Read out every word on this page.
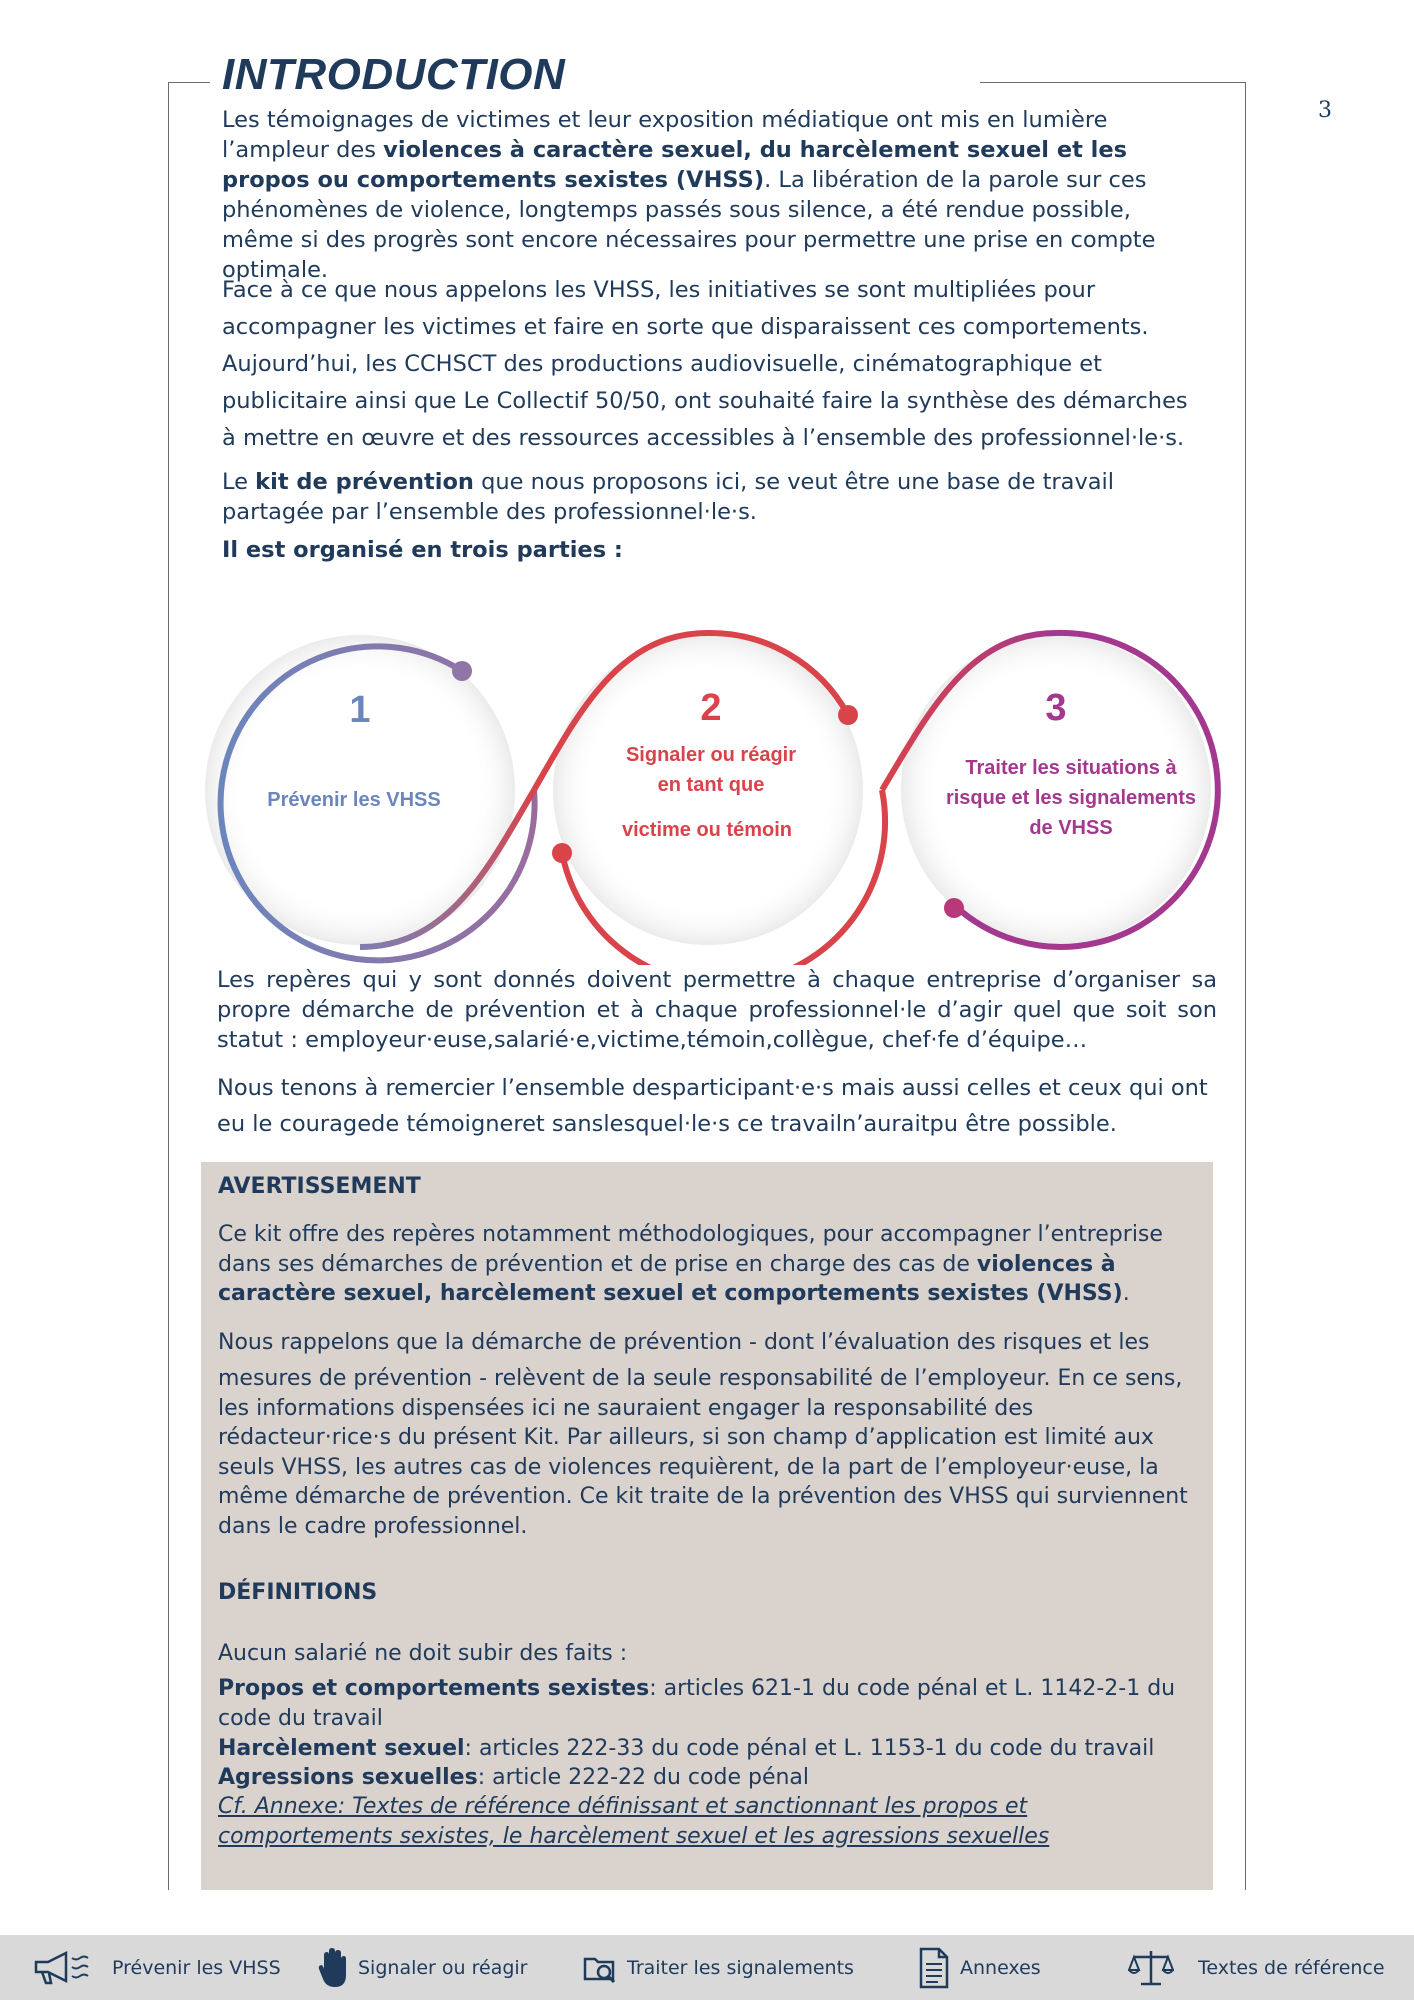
INTRODUCTION
3

Les témoignages de victimes et leur exposition médiatique ont mis en lumière l’ampleur des violences à caractère sexuel, du harcèlement sexuel et les propos ou comportements sexistes (VHSS). La libération de la parole sur ces phénomènes de violence, longtemps passés sous silence, a été rendue possible, même si des progrès sont encore nécessaires pour permettre une prise en compte optimale.

Face à ce que nous appelons les VHSS, les initiatives se sont multipliées pour accompagner les victimes et faire en sorte que disparaissent ces comportements. Aujourd’hui, les CCHSCT des productions audiovisuelle, cinématographique et publicitaire ainsi que Le Collectif 50/50, ont souhaité faire la synthèse des démarches à mettre en œuvre et des ressources accessibles à l’ensemble des professionnel·le·s.

Le kit de prévention que nous proposons ici, se veut être une base de travail partagée par l’ensemble des professionnel·le·s.

Il est organisé en trois parties :

1
Prévenir les VHSS
2
Signaler ou réagir
en tant que
victime ou témoin
3
Traiter les situations à
risque et les signalements
de VHSS

Les repères qui y sont donnés doivent permettre à chaque entreprise d’organiser sa propre démarche de prévention et à chaque professionnel·le d’agir quel que soit son statut : employeur·euse,salarié·e,victime,témoin,collègue, chef·fe d’équipe…

Nous tenons à remercier l’ensemble desparticipant·e·s mais aussi celles et ceux qui ont eu le couragede témoigneret sanslesquel·le·s ce travailn’auraitpu être possible.

AVERTISSEMENT

Ce kit offre des repères notamment méthodologiques, pour accompagner l’entreprise dans ses démarches de prévention et de prise en charge des cas de violences à caractère sexuel, harcèlement sexuel et comportements sexistes (VHSS).

Nous rappelons que la démarche de prévention - dont l’évaluation des risques et les

mesures de prévention - relèvent de la seule responsabilité de l’employeur. En ce sens, les informations dispensées ici ne sauraient engager la responsabilité des rédacteur·rice·s du présent Kit. Par ailleurs, si son champ d’application est limité aux seuls VHSS, les autres cas de violences requièrent, de la part de l’employeur·euse, la même démarche de prévention. Ce kit traite de la prévention des VHSS qui surviennent dans le cadre professionnel.

DÉFINITIONS

Aucun salarié ne doit subir des faits :

Propos et comportements sexistes: articles 621-1 du code pénal et L. 1142-2-1 du code du travail

Harcèlement sexuel: articles 222-33 du code pénal et L. 1153-1 du code du travail

Agressions sexuelles: article 222-22 du code pénal

Cf. Annexe: Textes de référence définissant et sanctionnant les propos et comportements sexistes, le harcèlement sexuel et les agressions sexuelles

Prévenir les VHSS	Signaler ou réagir	Traiter les signalements	Annexes	Textes de référence
